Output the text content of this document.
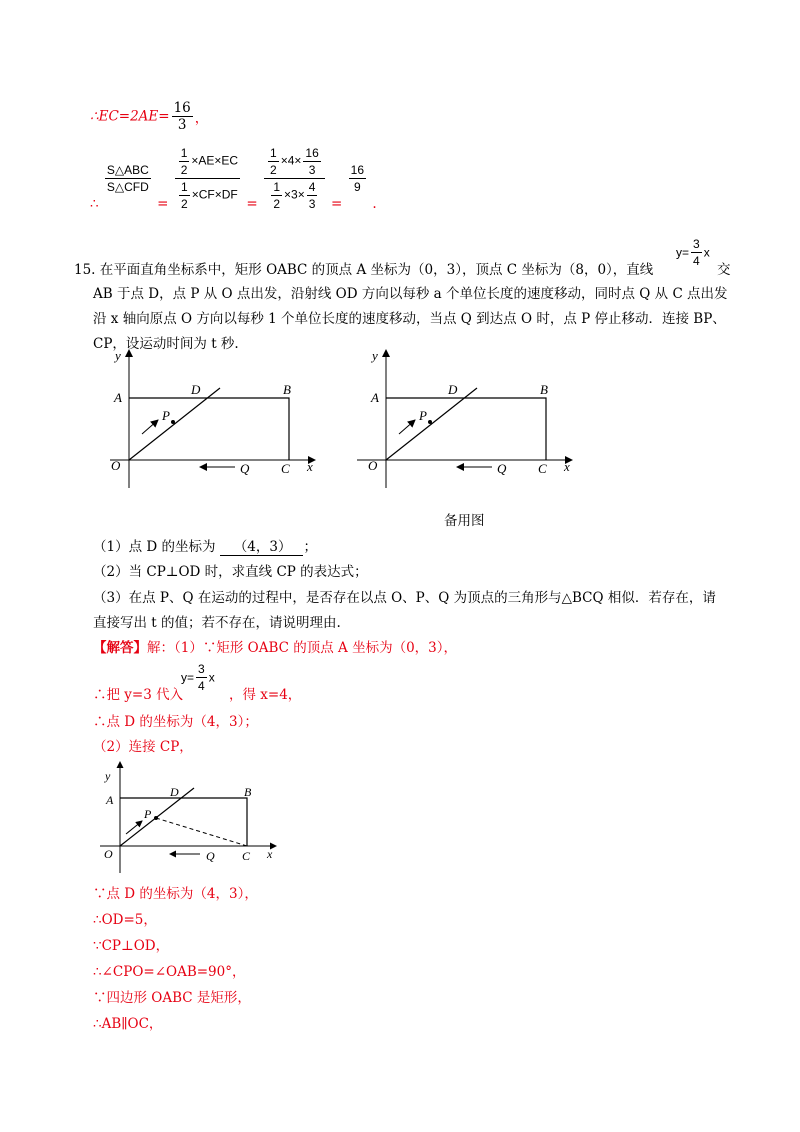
∴EC=2AE= $\frac{16}{3}$ ，
∴
$\frac{\text{S△ABC}}{\text{S△CFD}}$
= $\frac{\frac{1}{2} \times AE\times EC}{\frac{1}{2} \times CF\times DF} = \frac{\frac{1}{2} \times 4\times \frac{16}{3}}{\frac{1}{2} \times 3\times \frac{4}{3}}$ =
$\frac{16}{9}$
.
15. 在平面直角坐标系中，矩形 OABC 的顶点 A 坐标为（0，3），顶点 C 坐标为（8，0），直线
$y= \frac{3}{4}$ x
交
AB 于点 D，点 P 从 O 点出发，沿射线 OD 方向以每秒 a 个单位长度的速度移动，同时点 Q 从 C 点出发
沿 x 轴向原点 O 方向以每秒 1 个单位长度的速度移动，当点 Q 到达点 O 时，点 P 停止移动．连接 BP、
CP，设运动时间为 t 秒.
y
A
D	B
P
O	Q C x
y
A
D	B
P
O	Q C x
备用图
（1）点 D 的坐标为 （4，3） ；
（2）当 CP⊥OD 时，求直线 CP 的表达式；
（3）在点 P、Q 在运动的过程中，是否存在以点 O、P、Q 为顶点的三角形与△BCQ 相似．若存在，请
直接写出 t 的值；若不存在，请说明理由.
【解答】解：（1）∵矩形 OABC 的顶点 A 坐标为（0，3），
∴把 y=3 代入
$y= \frac{3}{4}$ x
，得 x=4，
∴点 D 的坐标为（4，3）；
（2）连接 CP，
y
A
D	B
P
O	Q C x
∵点 D 的坐标为（4，3），
∴OD=5，
∵CP⊥OD，
∴∠CPO=∠OAB=90°，
∵四边形 OABC 是矩形，
∴AB∥OC，
